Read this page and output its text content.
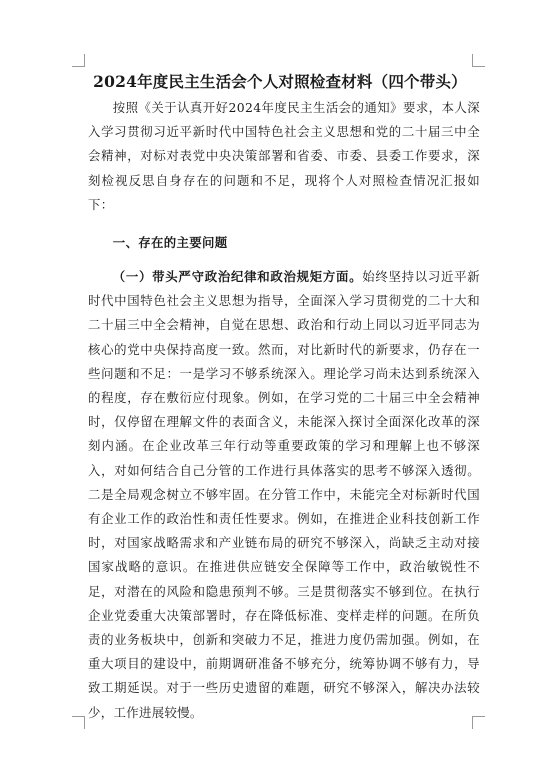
2024年度民主生活会个人对照检查材料（四个带头）
按照《关于认真开好2024年度民主生活会的通知》要求，本人深入学习贯彻习近平新时代中国特色社会主义思想和党的二十届三中全会精神，对标对表党中央决策部署和省委、市委、县委工作要求，深刻检视反思自身存在的问题和不足，现将个人对照检查情况汇报如下：
一、存在的主要问题
（一）带头严守政治纪律和政治规矩方面。始终坚持以习近平新时代中国特色社会主义思想为指导，全面深入学习贯彻党的二十大和二十届三中全会精神，自觉在思想、政治和行动上同以习近平同志为核心的党中央保持高度一致。然而，对比新时代的新要求，仍存在一些问题和不足：一是学习不够系统深入。理论学习尚未达到系统深入的程度，存在敷衍应付现象。例如，在学习党的二十届三中全会精神时，仅停留在理解文件的表面含义，未能深入探讨全面深化改革的深刻内涵。在企业改革三年行动等重要政策的学习和理解上也不够深入，对如何结合自己分管的工作进行具体落实的思考不够深入透彻。二是全局观念树立不够牢固。在分管工作中，未能完全对标新时代国有企业工作的政治性和责任性要求。例如，在推进企业科技创新工作时，对国家战略需求和产业链布局的研究不够深入，尚缺乏主动对接国家战略的意识。在推进供应链安全保障等工作中，政治敏锐性不足，对潜在的风险和隐患预判不够。三是贯彻落实不够到位。在执行企业党委重大决策部署时，存在降低标准、变样走样的问题。在所负责的业务板块中，创新和突破力不足，推进力度仍需加强。例如，在重大项目的建设中，前期调研准备不够充分，统筹协调不够有力，导致工期延误。对于一些历史遗留的难题，研究不够深入，解决办法较少，工作进展较慢。
